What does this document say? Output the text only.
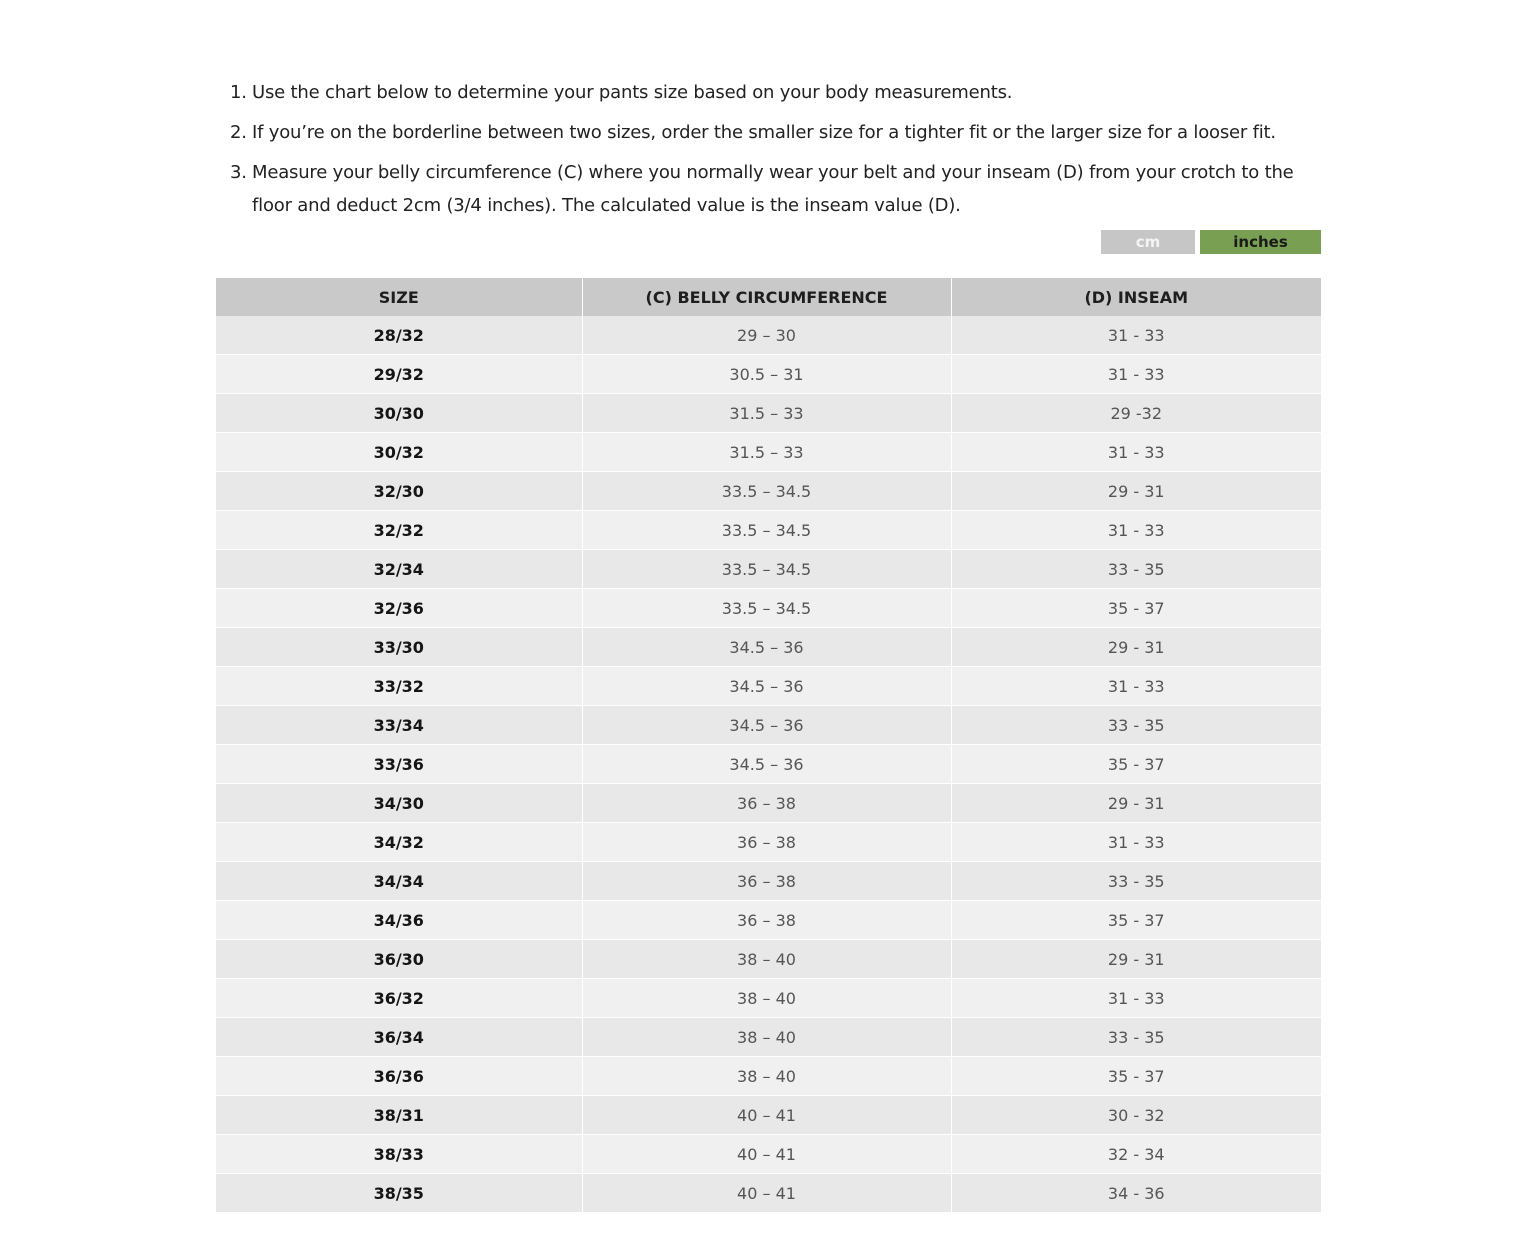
1. Use the chart below to determine your pants size based on your body measurements.
2. If you’re on the borderline between two sizes, order the smaller size for a tighter fit or the larger size for a looser fit.
3. Measure your belly circumference (C) where you normally wear your belt and your inseam (D) from your crotch to the floor and deduct 2cm (3/4 inches). The calculated value is the inseam value (D).
cm	inches
SIZE	(C) BELLY CIRCUMFERENCE	(D) INSEAM
28/32	29 – 30	31 - 33
29/32	30.5 – 31	31 - 33
30/30	31.5 – 33	29 -32
30/32	31.5 – 33	31 - 33
32/30	33.5 – 34.5	29 - 31
32/32	33.5 – 34.5	31 - 33
32/34	33.5 – 34.5	33 - 35
32/36	33.5 – 34.5	35 - 37
33/30	34.5 – 36	29 - 31
33/32	34.5 – 36	31 - 33
33/34	34.5 – 36	33 - 35
33/36	34.5 – 36	35 - 37
34/30	36 – 38	29 - 31
34/32	36 – 38	31 - 33
34/34	36 – 38	33 - 35
34/36	36 – 38	35 - 37
36/30	38 – 40	29 - 31
36/32	38 – 40	31 - 33
36/34	38 – 40	33 - 35
36/36	38 – 40	35 - 37
38/31	40 – 41	30 - 32
38/33	40 – 41	32 - 34
38/35	40 – 41	34 - 36
